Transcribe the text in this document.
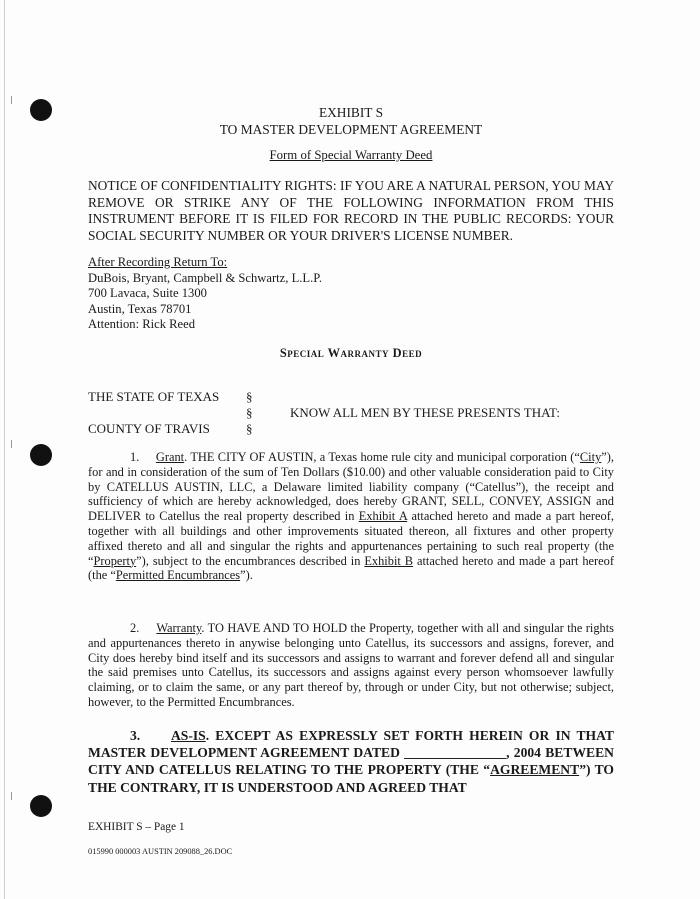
EXHIBIT S
TO MASTER DEVELOPMENT AGREEMENT
Form of Special Warranty Deed
NOTICE OF CONFIDENTIALITY RIGHTS: IF YOU ARE A NATURAL PERSON, YOU MAY REMOVE OR STRIKE ANY OF THE FOLLOWING INFORMATION FROM THIS INSTRUMENT BEFORE IT IS FILED FOR RECORD IN THE PUBLIC RECORDS: YOUR SOCIAL SECURITY NUMBER OR YOUR DRIVER'S LICENSE NUMBER.
After Recording Return To:
DuBois, Bryant, Campbell & Schwartz, L.L.P.
700 Lavaca, Suite 1300
Austin, Texas 78701
Attention: Rick Reed
Special Warranty Deed
THE STATE OF TEXAS
COUNTY OF TRAVIS
§
§
§
KNOW ALL MEN BY THESE PRESENTS THAT:
1. Grant. THE CITY OF AUSTIN, a Texas home rule city and municipal corporation (“City”), for and in consideration of the sum of Ten Dollars ($10.00) and other valuable consideration paid to City by CATELLUS AUSTIN, LLC, a Delaware limited liability company (“Catellus”), the receipt and sufficiency of which are hereby acknowledged, does hereby GRANT, SELL, CONVEY, ASSIGN and DELIVER to Catellus the real property described in Exhibit A attached hereto and made a part hereof, together with all buildings and other improvements situated thereon, all fixtures and other property affixed thereto and all and singular the rights and appurtenances pertaining to such real property (the “Property”), subject to the encumbrances described in Exhibit B attached hereto and made a part hereof (the “Permitted Encumbrances”).
2. Warranty. TO HAVE AND TO HOLD the Property, together with all and singular the rights and appurtenances thereto in anywise belonging unto Catellus, its successors and assigns, forever, and City does hereby bind itself and its successors and assigns to warrant and forever defend all and singular the said premises unto Catellus, its successors and assigns against every person whomsoever lawfully claiming, or to claim the same, or any part thereof by, through or under City, but not otherwise; subject, however, to the Permitted Encumbrances.
3. AS-IS. EXCEPT AS EXPRESSLY SET FORTH HEREIN OR IN THAT MASTER DEVELOPMENT AGREEMENT DATED _______________, 2004 BETWEEN CITY AND CATELLUS RELATING TO THE PROPERTY (THE “AGREEMENT”) TO THE CONTRARY, IT IS UNDERSTOOD AND AGREED THAT
EXHIBIT S – Page 1
015990 000003 AUSTIN 209088_26.DOC
